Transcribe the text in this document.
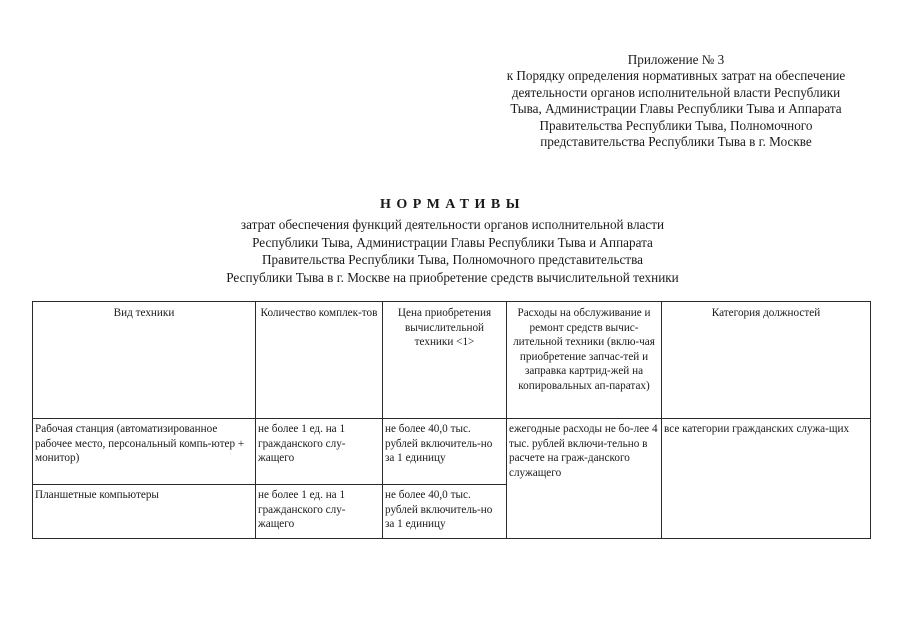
Приложение № 3
к Порядку определения нормативных затрат на обеспечение
деятельности органов исполнительной власти Республики
Тыва, Администрации Главы Республики Тыва и Аппарата
Правительства Республики Тыва, Полномочного
представительства Республики Тыва в г. Москве
НОРМАТИВЫ
затрат обеспечения функций деятельности органов исполнительной власти
Республики Тыва, Администрации Главы Республики Тыва и Аппарата
Правительства Республики Тыва, Полномочного представительства
Республики Тыва в г. Москве на приобретение средств вычислительной техники
Вид техники	Количество комплек-тов	Цена приобретения вычислительной техники <1>	Расходы на обслуживание и ремонт средств вычис-лительной техники (вклю-чая приобретение запчас-тей и заправка картрид-жей на копировальных ап-паратах)	Категория должностей
Рабочая станция (автоматизированное рабочее место, персональный компь-ютер + монитор)	не более 1 ед. на 1 гражданского слу-жащего	не более 40,0 тыс. рублей включитель-но за 1 единицу	ежегодные расходы не бо-лее 4 тыс. рублей включи-тельно в расчете на граж-данского служащего	все категории гражданских служа-щих
Планшетные компьютеры	не более 1 ед. на 1 гражданского слу-жащего	не более 40,0 тыс. рублей включитель-но за 1 единицу		
